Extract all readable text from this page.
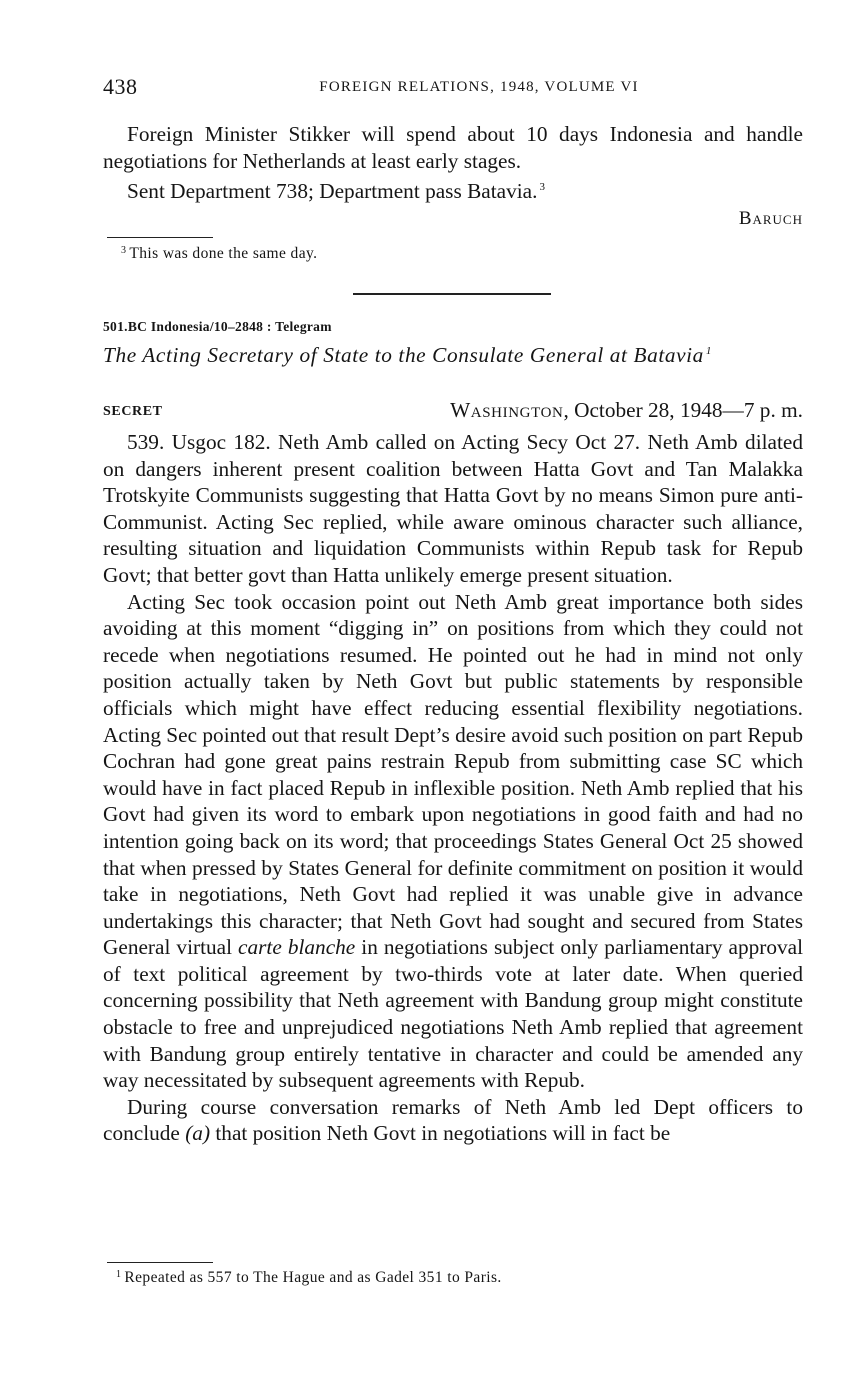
438	FOREIGN RELATIONS, 1948, VOLUME VI

Foreign Minister Stikker will spend about 10 days Indonesia and handle negotiations for Netherlands at least early stages.

Sent Department 738; Department pass Batavia. $^3$

Baruch

$^3$ This was done the same day.
501.BC Indonesia/10–2848 : Telegram
The Acting Secretary of State to the Consulate General at Batavia $^1$
SECRET	Washington, October 28, 1948—7 p. m.

539. Usgoc 182. Neth Amb called on Acting Secy Oct 27. Neth Amb dilated on dangers inherent present coalition between Hatta Govt and Tan Malakka Trotskyite Communists suggesting that Hatta Govt by no means Simon pure anti-Communist. Acting Sec replied, while aware ominous character such alliance, resulting situation and liquidation Communists within Repub task for Repub Govt; that better govt than Hatta unlikely emerge present situation.

Acting Sec took occasion point out Neth Amb great importance both sides avoiding at this moment “digging in” on positions from which they could not recede when negotiations resumed. He pointed out he had in mind not only position actually taken by Neth Govt but public statements by responsible officials which might have effect reducing essential flexibility negotiations. Acting Sec pointed out that result Dept’s desire avoid such position on part Repub Cochran had gone great pains restrain Repub from submitting case SC which would have in fact placed Repub in inflexible position. Neth Amb replied that his Govt had given its word to embark upon negotiations in good faith and had no intention going back on its word; that proceedings States General Oct 25 showed that when pressed by States General for definite commitment on position it would take in negotiations, Neth Govt had replied it was unable give in advance undertakings this character; that Neth Govt had sought and secured from States General virtual carte blanche in negotiations subject only parliamentary approval of text political agreement by two-thirds vote at later date. When queried concerning possibility that Neth agreement with Bandung group might constitute obstacle to free and unprejudiced negotiations Neth Amb replied that agreement with Bandung group entirely tentative in character and could be amended any way necessitated by subsequent agreements with Repub.

During course conversation remarks of Neth Amb led Dept officers to conclude (a) that position Neth Govt in negotiations will in fact be

$^1$ Repeated as 557 to The Hague and as Gadel 351 to Paris.
